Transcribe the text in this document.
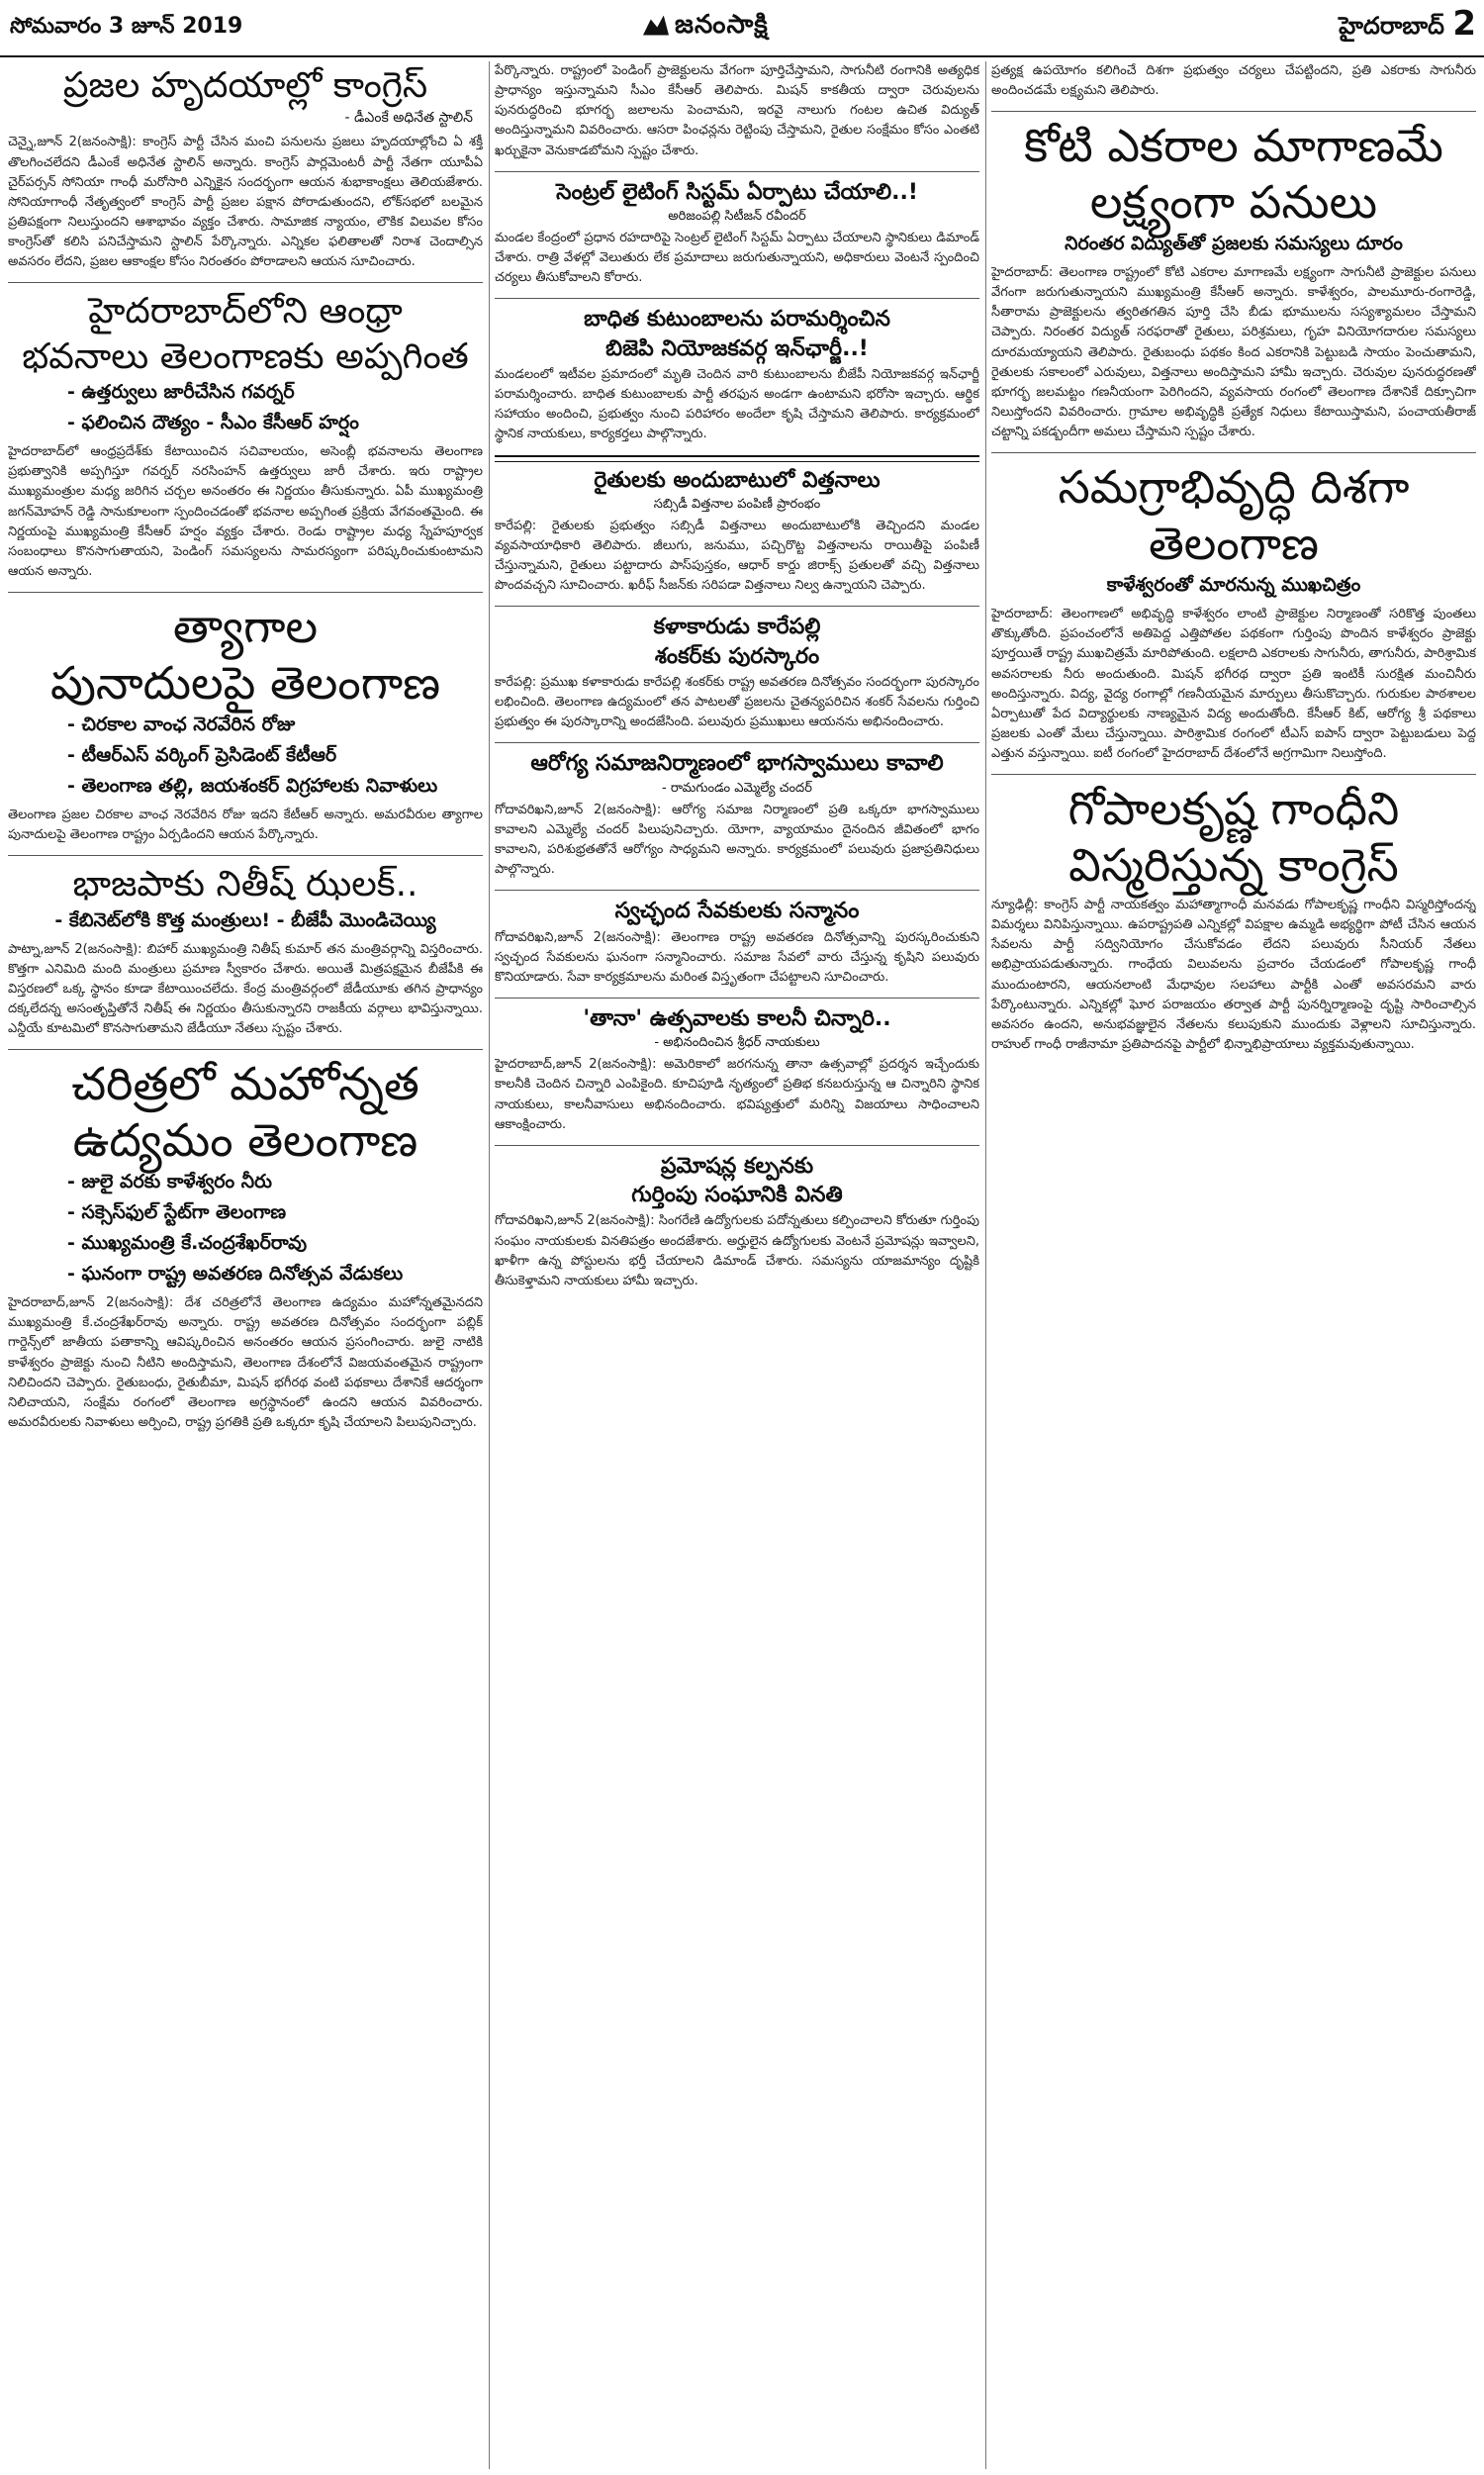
సోమవారం 3 జూన్ 2019	జనంసాక్షి	హైదరాబాద్ 2
ప్రజల హృదయాల్లో కాంగ్రెస్
- డీఎంకే అధినేత స్టాలిన్
చెన్నై,జూన్ 2(జనంసాక్షి): కాంగ్రెస్ పార్టీ చేసిన మంచి పనులను ప్రజలు హృదయాల్లోంచి ఏ శక్తీ తొలగించలేదని డీఎంకే అధినేత స్టాలిన్ అన్నారు. కాంగ్రెస్ పార్లమెంటరీ పార్టీ నేతగా యూపీఏ చైర్‌పర్సన్ సోనియా గాంధీ మరోసారి ఎన్నికైన సందర్భంగా ఆయన శుభాకాంక్షలు తెలియజేశారు. సోనియాగాంధీ నేతృత్వంలో కాంగ్రెస్ పార్టీ ప్రజల పక్షాన పోరాడుతుందని, లోక్‌సభలో బలమైన ప్రతిపక్షంగా నిలుస్తుందని ఆశాభావం వ్యక్తం చేశారు. సామాజిక న్యాయం, లౌకిక విలువల కోసం కాంగ్రెస్‌తో కలిసి పనిచేస్తామని స్టాలిన్ పేర్కొన్నారు. ఎన్నికల ఫలితాలతో నిరాశ చెందాల్సిన అవసరం లేదని, ప్రజల ఆకాంక్షల కోసం నిరంతరం పోరాడాలని ఆయన సూచించారు.
హైదరాబాద్‌లోని ఆంధ్రా
భవనాలు తెలంగాణకు అప్పగింత
- ఉత్తర్వులు జారీచేసిన గవర్నర్
- ఫలించిన దౌత్యం - సీఎం కేసీఆర్ హర్షం
హైదరాబాద్‌లో ఆంధ్రప్రదేశ్‌కు కేటాయించిన సచివాలయం, అసెంబ్లీ భవనాలను తెలంగాణ ప్రభుత్వానికి అప్పగిస్తూ గవర్నర్ నరసింహన్ ఉత్తర్వులు జారీ చేశారు. ఇరు రాష్ట్రాల ముఖ్యమంత్రుల మధ్య జరిగిన చర్చల అనంతరం ఈ నిర్ణయం తీసుకున్నారు. ఏపీ ముఖ్యమంత్రి జగన్‌మోహన్ రెడ్డి సానుకూలంగా స్పందించడంతో భవనాల అప్పగింత ప్రక్రియ వేగవంతమైంది. ఈ నిర్ణయంపై ముఖ్యమంత్రి కేసీఆర్ హర్షం వ్యక్తం చేశారు. రెండు రాష్ట్రాల మధ్య స్నేహపూర్వక సంబంధాలు కొనసాగుతాయని, పెండింగ్ సమస్యలను సామరస్యంగా పరిష్కరించుకుంటామని ఆయన అన్నారు.
త్యాగాల
పునాదులపై తెలంగాణ
- చిరకాల వాంఛ నెరవేరిన రోజు
- టీఆర్ఎస్ వర్కింగ్ ప్రెసిడెంట్ కేటీఆర్
- తెలంగాణ తల్లి, జయశంకర్ విగ్రహాలకు నివాళులు
తెలంగాణ ప్రజల చిరకాల వాంఛ నెరవేరిన రోజు ఇదని కేటీఆర్ అన్నారు. అమరవీరుల త్యాగాల పునాదులపై తెలంగాణ రాష్ట్రం ఏర్పడిందని ఆయన పేర్కొన్నారు.
భాజపాకు నితీష్ ఝలక్..
- కేబినెట్‌లోకి కొత్త మంత్రులు! - బీజేపీ మొండిచెయ్యి
పాట్నా,జూన్ 2(జనంసాక్షి): బిహార్ ముఖ్యమంత్రి నితీష్ కుమార్ తన మంత్రివర్గాన్ని విస్తరించారు. కొత్తగా ఎనిమిది మంది మంత్రులు ప్రమాణ స్వీకారం చేశారు. అయితే మిత్రపక్షమైన బీజేపీకి ఈ విస్తరణలో ఒక్క స్థానం కూడా కేటాయించలేదు. కేంద్ర మంత్రివర్గంలో జేడీయూకు తగిన ప్రాధాన్యం దక్కలేదన్న అసంతృప్తితోనే నితీష్ ఈ నిర్ణయం తీసుకున్నారని రాజకీయ వర్గాలు భావిస్తున్నాయి. ఎన్డీయే కూటమిలో కొనసాగుతామని జేడీయూ నేతలు స్పష్టం చేశారు.
చరిత్రలో మహోన్నత
ఉద్యమం తెలంగాణ
- జులై వరకు కాళేశ్వరం నీరు
- సక్సెస్‌ఫుల్ స్టేట్‌గా తెలంగాణ
- ముఖ్యమంత్రి కే.చంద్రశేఖర్‌రావు
- ఘనంగా రాష్ట్ర అవతరణ దినోత్సవ వేడుకలు
హైదరాబాద్,జూన్ 2(జనంసాక్షి): దేశ చరిత్రలోనే తెలంగాణ ఉద్యమం మహోన్నతమైనదని ముఖ్యమంత్రి కే.చంద్రశేఖర్‌రావు అన్నారు. రాష్ట్ర అవతరణ దినోత్సవం సందర్భంగా పబ్లిక్ గార్డెన్స్‌లో జాతీయ పతాకాన్ని ఆవిష్కరించిన అనంతరం ఆయన ప్రసంగించారు. జులై నాటికి కాళేశ్వరం ప్రాజెక్టు నుంచి నీటిని అందిస్తామని, తెలంగాణ దేశంలోనే విజయవంతమైన రాష్ట్రంగా నిలిచిందని చెప్పారు. రైతుబంధు, రైతుబీమా, మిషన్ భగీరథ వంటి పథకాలు దేశానికే ఆదర్శంగా నిలిచాయని, సంక్షేమ రంగంలో తెలంగాణ అగ్రస్థానంలో ఉందని ఆయన వివరించారు. అమరవీరులకు నివాళులు అర్పించి, రాష్ట్ర ప్రగతికి ప్రతి ఒక్కరూ కృషి చేయాలని పిలుపునిచ్చారు.
పేర్కొన్నారు. రాష్ట్రంలో పెండింగ్ ప్రాజెక్టులను వేగంగా పూర్తిచేస్తామని, సాగునీటి రంగానికి అత్యధిక ప్రాధాన్యం ఇస్తున్నామని సీఎం కేసీఆర్ తెలిపారు. మిషన్ కాకతీయ ద్వారా చెరువులను పునరుద్ధరించి భూగర్భ జలాలను పెంచామని, ఇరవై నాలుగు గంటల ఉచిత విద్యుత్ అందిస్తున్నామని వివరించారు. ఆసరా పింఛన్లను రెట్టింపు చేస్తామని, రైతుల సంక్షేమం కోసం ఎంతటి ఖర్చుకైనా వెనుకాడబోమని స్పష్టం చేశారు.
సెంట్రల్ లైటింగ్ సిస్టమ్ ఏర్పాటు చేయాలి..!
అరిజంపల్లి సిటీజన్ రవీందర్
మండల కేంద్రంలో ప్రధాన రహదారిపై సెంట్రల్ లైటింగ్ సిస్టమ్ ఏర్పాటు చేయాలని స్థానికులు డిమాండ్ చేశారు. రాత్రి వేళల్లో వెలుతురు లేక ప్రమాదాలు జరుగుతున్నాయని, అధికారులు వెంటనే స్పందించి చర్యలు తీసుకోవాలని కోరారు.
బాధిత కుటుంబాలను పరామర్శించిన
బిజెపి నియోజకవర్గ ఇన్‌ఛార్జీ..!
మండలంలో ఇటీవల ప్రమాదంలో మృతి చెందిన వారి కుటుంబాలను బీజేపీ నియోజకవర్గ ఇన్‌ఛార్జీ పరామర్శించారు. బాధిత కుటుంబాలకు పార్టీ తరఫున అండగా ఉంటామని భరోసా ఇచ్చారు. ఆర్థిక సహాయం అందించి, ప్రభుత్వం నుంచి పరిహారం అందేలా కృషి చేస్తామని తెలిపారు. కార్యక్రమంలో స్థానిక నాయకులు, కార్యకర్తలు పాల్గొన్నారు.
రైతులకు అందుబాటులో విత్తనాలు
సబ్సిడీ విత్తనాల పంపిణీ ప్రారంభం
కారేపల్లి: రైతులకు ప్రభుత్వం సబ్సిడీ విత్తనాలు అందుబాటులోకి తెచ్చిందని మండల వ్యవసాయాధికారి తెలిపారు. జీలుగు, జనుము, పచ్చిరొట్ట విత్తనాలను రాయితీపై పంపిణీ చేస్తున్నామని, రైతులు పట్టాదారు పాస్‌పుస్తకం, ఆధార్ కార్డు జిరాక్స్ ప్రతులతో వచ్చి విత్తనాలు పొందవచ్చని సూచించారు. ఖరీఫ్ సీజన్‌కు సరిపడా విత్తనాలు నిల్వ ఉన్నాయని చెప్పారు.
కళాకారుడు కారేపల్లి
శంకర్‌కు పురస్కారం
కారేపల్లి: ప్రముఖ కళాకారుడు కారేపల్లి శంకర్‌కు రాష్ట్ర అవతరణ దినోత్సవం సందర్భంగా పురస్కారం లభించింది. తెలంగాణ ఉద్యమంలో తన పాటలతో ప్రజలను చైతన్యపరిచిన శంకర్ సేవలను గుర్తించి ప్రభుత్వం ఈ పురస్కారాన్ని అందజేసింది. పలువురు ప్రముఖులు ఆయనను అభినందించారు.
ఆరోగ్య సమాజనిర్మాణంలో భాగస్వాములు కావాలి
- రామగుండం ఎమ్మెల్యే చందర్
గోదావరిఖని,జూన్ 2(జనంసాక్షి): ఆరోగ్య సమాజ నిర్మాణంలో ప్రతి ఒక్కరూ భాగస్వాములు కావాలని ఎమ్మెల్యే చందర్ పిలుపునిచ్చారు. యోగా, వ్యాయామం దైనందిన జీవితంలో భాగం కావాలని, పరిశుభ్రతతోనే ఆరోగ్యం సాధ్యమని అన్నారు. కార్యక్రమంలో పలువురు ప్రజాప్రతినిధులు పాల్గొన్నారు.
స్వచ్ఛంద సేవకులకు సన్మానం
గోదావరిఖని,జూన్ 2(జనంసాక్షి): తెలంగాణ రాష్ట్ర అవతరణ దినోత్సవాన్ని పురస్కరించుకుని స్వచ్ఛంద సేవకులను ఘనంగా సన్మానించారు. సమాజ సేవలో వారు చేస్తున్న కృషిని పలువురు కొనియాడారు. సేవా కార్యక్రమాలను మరింత విస్తృతంగా చేపట్టాలని సూచించారు.
'తానా' ఉత్సవాలకు కాలనీ చిన్నారి..
- అభినందించిన శ్రీధర్ నాయకులు
హైదరాబాద్,జూన్ 2(జనంసాక్షి): అమెరికాలో జరగనున్న తానా ఉత్సవాల్లో ప్రదర్శన ఇచ్చేందుకు కాలనీకి చెందిన చిన్నారి ఎంపికైంది. కూచిపూడి నృత్యంలో ప్రతిభ కనబరుస్తున్న ఆ చిన్నారిని స్థానిక నాయకులు, కాలనీవాసులు అభినందించారు. భవిష్యత్తులో మరిన్ని విజయాలు సాధించాలని ఆకాంక్షించారు.
ప్రమోషన్ల కల్పనకు
గుర్తింపు సంఘానికి వినతి
గోదావరిఖని,జూన్ 2(జనంసాక్షి): సింగరేణి ఉద్యోగులకు పదోన్నతులు కల్పించాలని కోరుతూ గుర్తింపు సంఘం నాయకులకు వినతిపత్రం అందజేశారు. అర్హులైన ఉద్యోగులకు వెంటనే ప్రమోషన్లు ఇవ్వాలని, ఖాళీగా ఉన్న పోస్టులను భర్తీ చేయాలని డిమాండ్ చేశారు. సమస్యను యాజమాన్యం దృష్టికి తీసుకెళ్తామని నాయకులు హామీ ఇచ్చారు.
ప్రత్యక్ష ఉపయోగం కలిగించే దిశగా ప్రభుత్వం చర్యలు చేపట్టిందని, ప్రతి ఎకరాకు సాగునీరు అందించడమే లక్ష్యమని తెలిపారు.
కోటి ఎకరాల మాగాణమే
లక్ష్యంగా పనులు
నిరంతర విద్యుత్‌తో ప్రజలకు సమస్యలు దూరం
హైదరాబాద్: తెలంగాణ రాష్ట్రంలో కోటి ఎకరాల మాగాణమే లక్ష్యంగా సాగునీటి ప్రాజెక్టుల పనులు వేగంగా జరుగుతున్నాయని ముఖ్యమంత్రి కేసీఆర్ అన్నారు. కాళేశ్వరం, పాలమూరు-రంగారెడ్డి, సీతారామ ప్రాజెక్టులను త్వరితగతిన పూర్తి చేసి బీడు భూములను సస్యశ్యామలం చేస్తామని చెప్పారు. నిరంతర విద్యుత్ సరఫరాతో రైతులు, పరిశ్రమలు, గృహ వినియోగదారుల సమస్యలు దూరమయ్యాయని తెలిపారు. రైతుబంధు పథకం కింద ఎకరానికి పెట్టుబడి సాయం పెంచుతామని, రైతులకు సకాలంలో ఎరువులు, విత్తనాలు అందిస్తామని హామీ ఇచ్చారు. చెరువుల పునరుద్ధరణతో భూగర్భ జలమట్టం గణనీయంగా పెరిగిందని, వ్యవసాయ రంగంలో తెలంగాణ దేశానికే దిక్సూచిగా నిలుస్తోందని వివరించారు. గ్రామాల అభివృద్ధికి ప్రత్యేక నిధులు కేటాయిస్తామని, పంచాయతీరాజ్ చట్టాన్ని పకడ్బందీగా అమలు చేస్తామని స్పష్టం చేశారు.
సమగ్రాభివృద్ధి దిశగా
తెలంగాణ
కాళేశ్వరంతో మారనున్న ముఖచిత్రం
హైదరాబాద్: తెలంగాణలో అభివృద్ధి కాళేశ్వరం లాంటి ప్రాజెక్టుల నిర్మాణంతో సరికొత్త పుంతలు తొక్కుతోంది. ప్రపంచంలోనే అతిపెద్ద ఎత్తిపోతల పథకంగా గుర్తింపు పొందిన కాళేశ్వరం ప్రాజెక్టు పూర్తయితే రాష్ట్ర ముఖచిత్రమే మారిపోతుంది. లక్షలాది ఎకరాలకు సాగునీరు, తాగునీరు, పారిశ్రామిక అవసరాలకు నీరు అందుతుంది. మిషన్ భగీరథ ద్వారా ప్రతి ఇంటికీ సురక్షిత మంచినీరు అందిస్తున్నారు. విద్య, వైద్య రంగాల్లో గణనీయమైన మార్పులు తీసుకొచ్చారు. గురుకుల పాఠశాలల ఏర్పాటుతో పేద విద్యార్థులకు నాణ్యమైన విద్య అందుతోంది. కేసీఆర్ కిట్, ఆరోగ్య శ్రీ పథకాలు ప్రజలకు ఎంతో మేలు చేస్తున్నాయి. పారిశ్రామిక రంగంలో టీఎస్ ఐపాస్ ద్వారా పెట్టుబడులు పెద్ద ఎత్తున వస్తున్నాయి. ఐటీ రంగంలో హైదరాబాద్ దేశంలోనే అగ్రగామిగా నిలుస్తోంది.
గోపాలకృష్ణ గాంధీని
విస్మరిస్తున్న కాంగ్రెస్
న్యూఢిల్లీ: కాంగ్రెస్ పార్టీ నాయకత్వం మహాత్మాగాంధీ మనవడు గోపాలకృష్ణ గాంధీని విస్మరిస్తోందన్న విమర్శలు వినిపిస్తున్నాయి. ఉపరాష్ట్రపతి ఎన్నికల్లో విపక్షాల ఉమ్మడి అభ్యర్థిగా పోటీ చేసిన ఆయన సేవలను పార్టీ సద్వినియోగం చేసుకోవడం లేదని పలువురు సీనియర్ నేతలు అభిప్రాయపడుతున్నారు. గాంధేయ విలువలను ప్రచారం చేయడంలో గోపాలకృష్ణ గాంధీ ముందుంటారని, ఆయనలాంటి మేధావుల సలహాలు పార్టీకి ఎంతో అవసరమని వారు పేర్కొంటున్నారు. ఎన్నికల్లో ఘోర పరాజయం తర్వాత పార్టీ పునర్నిర్మాణంపై దృష్టి సారించాల్సిన అవసరం ఉందని, అనుభవజ్ఞులైన నేతలను కలుపుకుని ముందుకు వెళ్లాలని సూచిస్తున్నారు. రాహుల్ గాంధీ రాజీనామా ప్రతిపాదనపై పార్టీలో భిన్నాభిప్రాయాలు వ్యక్తమవుతున్నాయి.
